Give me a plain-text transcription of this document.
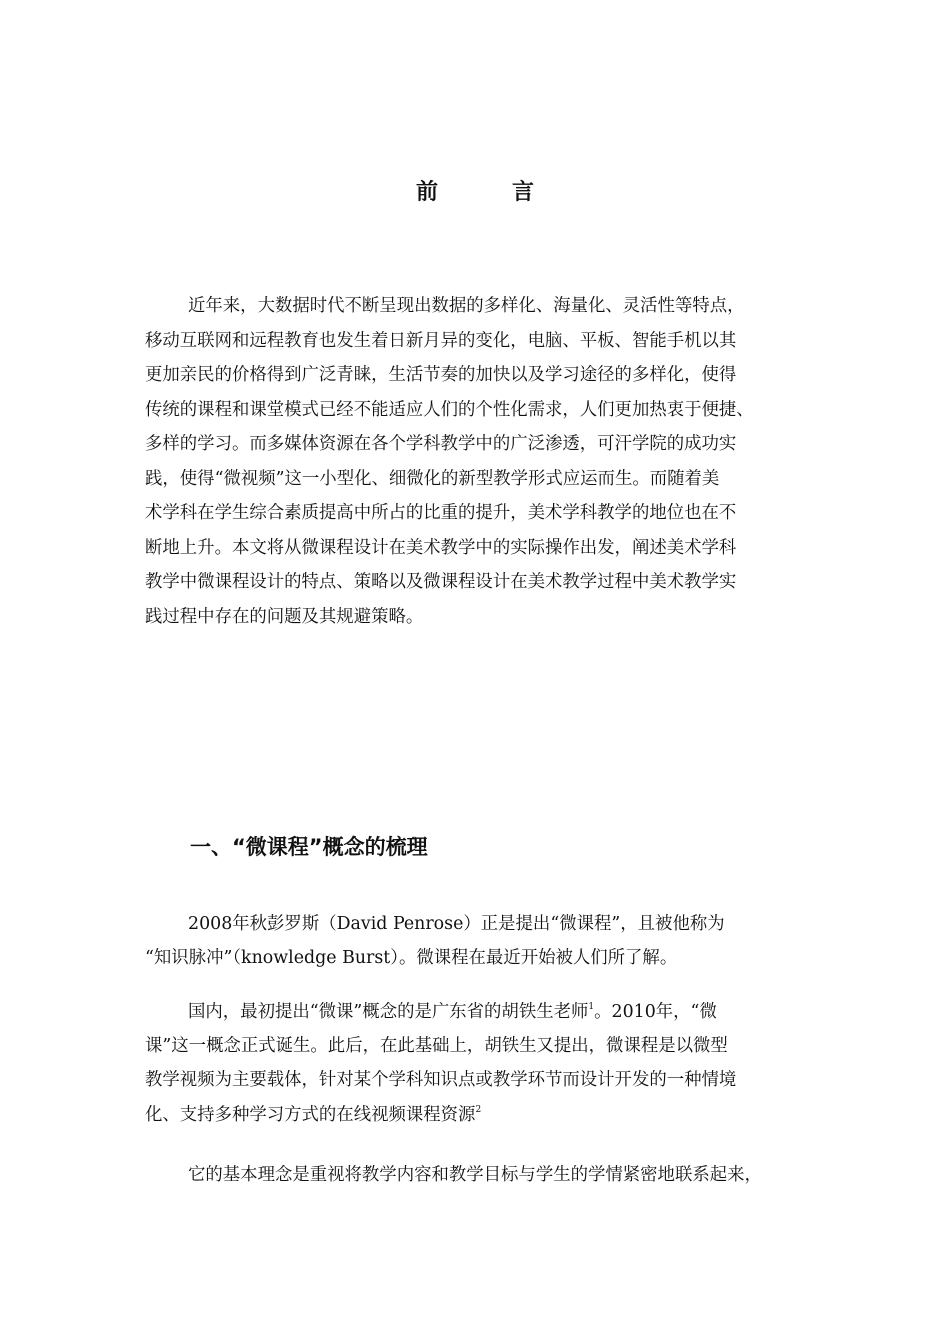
前　言
近年来，大数据时代不断呈现出数据的多样化、海量化、灵活性等特点，
移动互联网和远程教育也发生着日新月异的变化，电脑、平板、智能手机以其
更加亲民的价格得到广泛青睐，生活节奏的加快以及学习途径的多样化，使得
传统的课程和课堂模式已经不能适应人们的个性化需求，人们更加热衷于便捷、
多样的学习。而多媒体资源在各个学科教学中的广泛渗透，可汗学院的成功实
践，使得“微视频”这一小型化、细微化的新型教学形式应运而生。而随着美
术学科在学生综合素质提高中所占的比重的提升，美术学科教学的地位也在不
断地上升。本文将从微课程设计在美术教学中的实际操作出发，阐述美术学科
教学中微课程设计的特点、策略以及微课程设计在美术教学过程中美术教学实
践过程中存在的问题及其规避策略。
一、“微课程”概念的梳理
2008年秋彭罗斯（David Penrose）正是提出“微课程”，且被他称为
“知识脉冲”（knowledge Burst）。微课程在最近开始被人们所了解。
国内，最初提出“微课”概念的是广东省的胡铁生老师$^1$。2010年，“微
课”这一概念正式诞生。此后，在此基础上，胡铁生又提出，微课程是以微型
教学视频为主要载体，针对某个学科知识点或教学环节而设计开发的一种情境
化、支持多种学习方式的在线视频课程资源$^2$
它的基本理念是重视将教学内容和教学目标与学生的学情紧密地联系起来，
